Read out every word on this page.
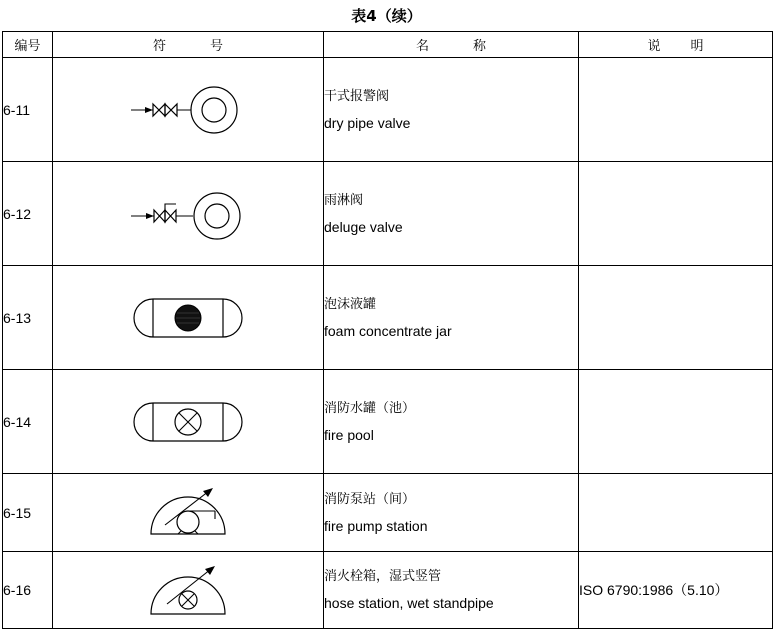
表4（续）
编号	符 号	名 称	说 明
6-11		干式报警阀
dry pipe valve	

6-12		雨淋阀
deluge valve	

6-13		泡沫液罐
foam concentrate jar	

6-14		消防水罐（池）
fire pool	

6-15		消防泵站（间）
fire pump station	

6-16		消火栓箱，湿式竖管
hose station, wet standpipe	ISO 6790:1986（5.10）
